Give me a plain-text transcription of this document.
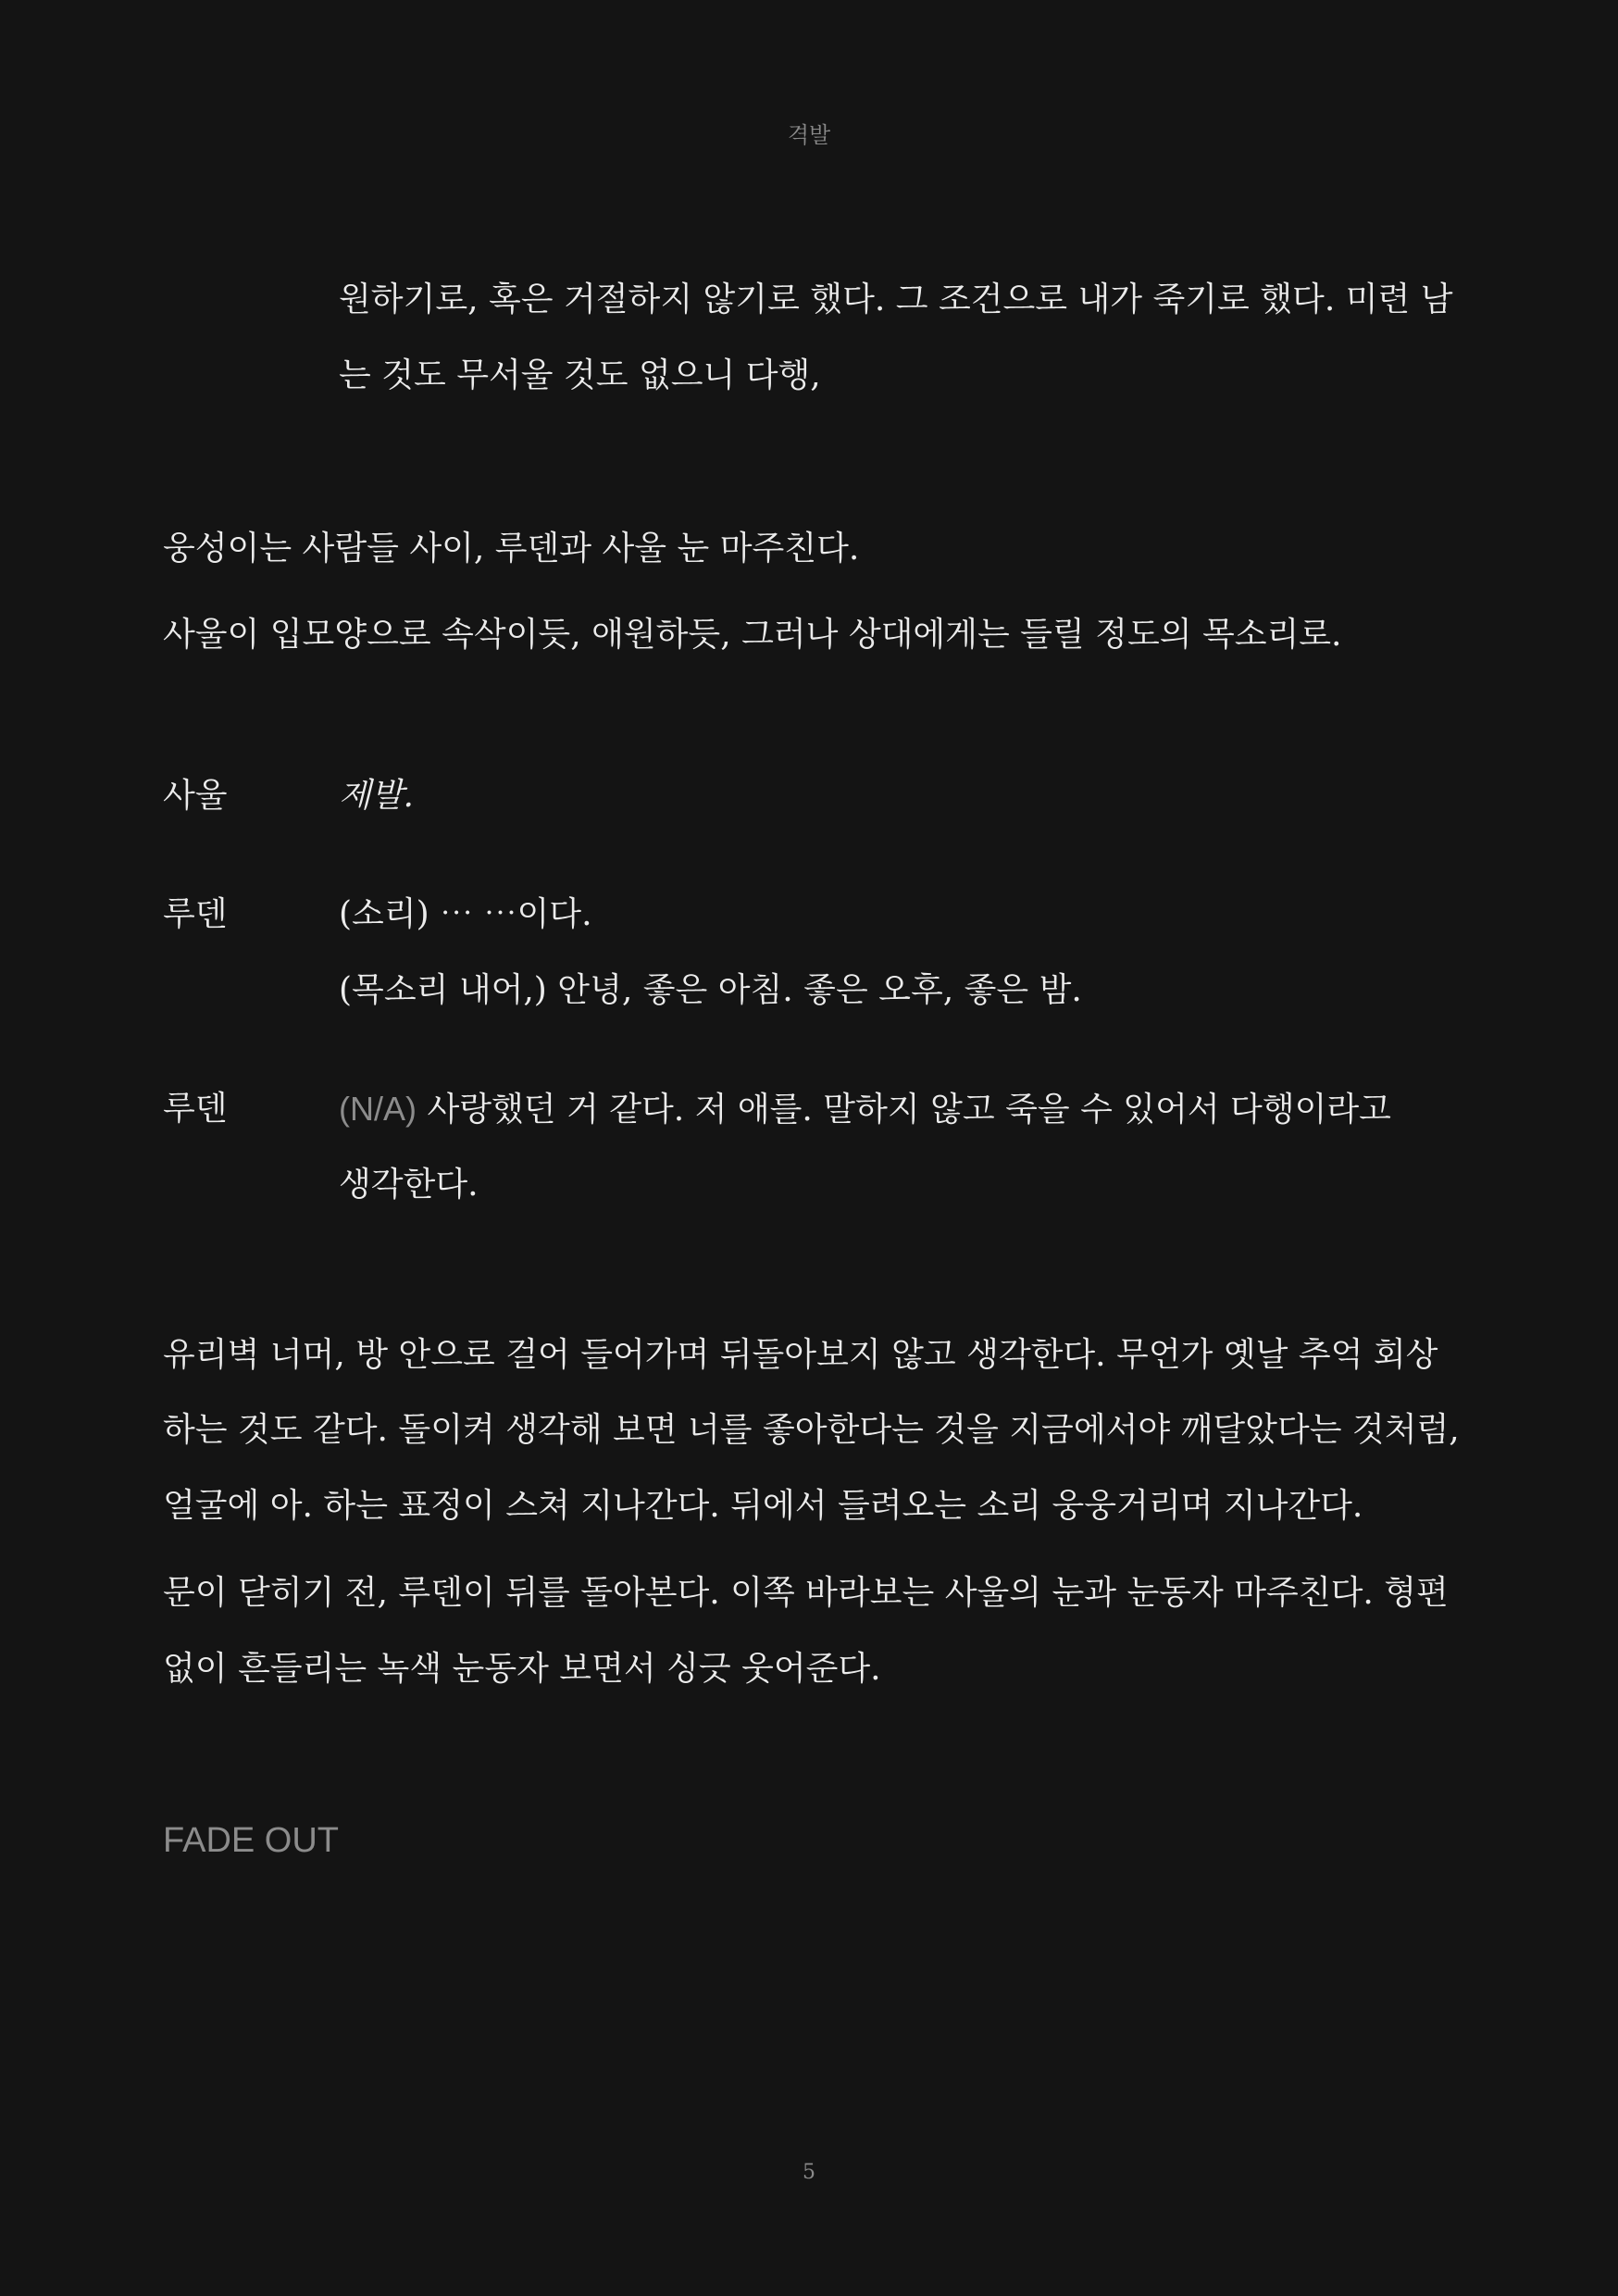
격발
원하기로, 혹은 거절하지 않기로 했다. 그 조건으로 내가 죽기로 했다. 미련 남
는 것도 무서울 것도 없으니 다행,
웅성이는 사람들 사이, 루덴과 사울 눈 마주친다.
사울이 입모양으로 속삭이듯, 애원하듯, 그러나 상대에게는 들릴 정도의 목소리로.
사울	제발.
루덴	(소리) ⋯ ⋯이다.
(목소리 내어,) 안녕, 좋은 아침. 좋은 오후, 좋은 밤.
루덴	(N/A) 사랑했던 거 같다. 저 애를. 말하지 않고 죽을 수 있어서 다행이라고
생각한다.
유리벽 너머, 방 안으로 걸어 들어가며 뒤돌아보지 않고 생각한다. 무언가 옛날 추억 회상
하는 것도 같다. 돌이켜 생각해 보면 너를 좋아한다는 것을 지금에서야 깨달았다는 것처럼,
얼굴에 아. 하는 표정이 스쳐 지나간다. 뒤에서 들려오는 소리 웅웅거리며 지나간다.
문이 닫히기 전, 루덴이 뒤를 돌아본다. 이쪽 바라보는 사울의 눈과 눈동자 마주친다. 형편
없이 흔들리는 녹색 눈동자 보면서 싱긋 웃어준다.
FADE OUT
5
